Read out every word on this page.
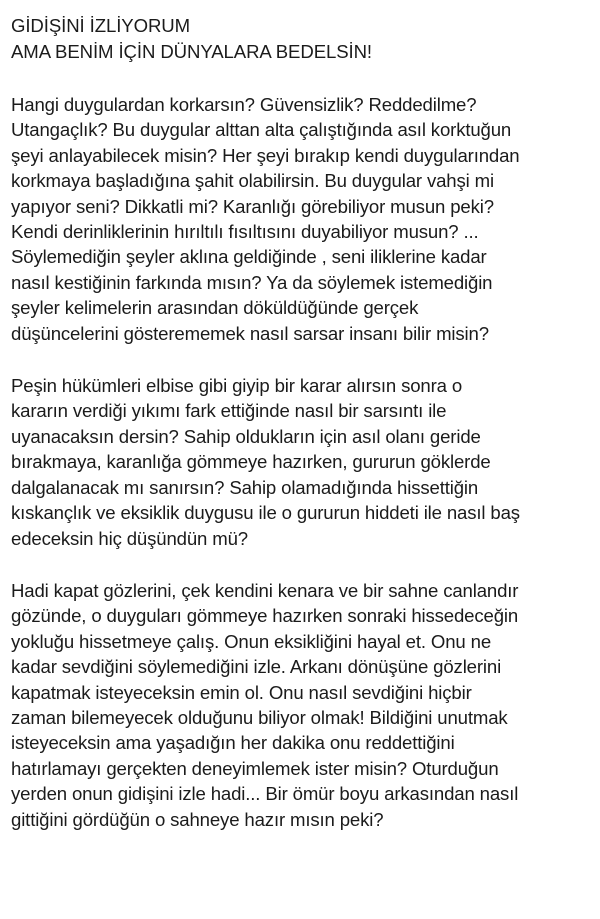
GİDİŞİNİ İZLİYORUM
AMA BENİM İÇİN DÜNYALARA BEDELSİN!
Hangi duygulardan korkarsın? Güvensizlik? Reddedilme?
Utangaçlık? Bu duygular alttan alta çalıştığında asıl korktuğun
şeyi anlayabilecek misin? Her şeyi bırakıp kendi duygularından
korkmaya başladığına şahit olabilirsin. Bu duygular vahşi mi
yapıyor seni? Dikkatli mi? Karanlığı görebiliyor musun peki?
Kendi derinliklerinin hırıltılı fısıltısını duyabiliyor musun? ...
Söylemediğin şeyler aklına geldiğinde , seni iliklerine kadar
nasıl kestiğinin farkında mısın? Ya da söylemek istemediğin
şeyler kelimelerin arasından döküldüğünde gerçek
düşüncelerini gösterememek nasıl sarsar insanı bilir misin?
Peşin hükümleri elbise gibi giyip bir karar alırsın sonra o
kararın verdiği yıkımı fark ettiğinde nasıl bir sarsıntı ile
uyanacaksın dersin? Sahip oldukların için asıl olanı geride
bırakmaya, karanlığa gömmeye hazırken, gururun göklerde
dalgalanacak mı sanırsın? Sahip olamadığında hissettiğin
kıskançlık ve eksiklik duygusu ile o gururun hiddeti ile nasıl baş
edeceksin hiç düşündün mü?
Hadi kapat gözlerini, çek kendini kenara ve bir sahne canlandır
gözünde, o duyguları gömmeye hazırken sonraki hissedeceğin
yokluğu hissetmeye çalış. Onun eksikliğini hayal et. Onu ne
kadar sevdiğini söylemediğini izle. Arkanı dönüşüne gözlerini
kapatmak isteyeceksin emin ol. Onu nasıl sevdiğini hiçbir
zaman bilemeyecek olduğunu biliyor olmak! Bildiğini unutmak
isteyeceksin ama yaşadığın her dakika onu reddettiğini
hatırlamayı gerçekten deneyimlemek ister misin? Oturduğun
yerden onun gidişini izle hadi... Bir ömür boyu arkasından nasıl
gittiğini gördüğün o sahneye hazır mısın peki?
